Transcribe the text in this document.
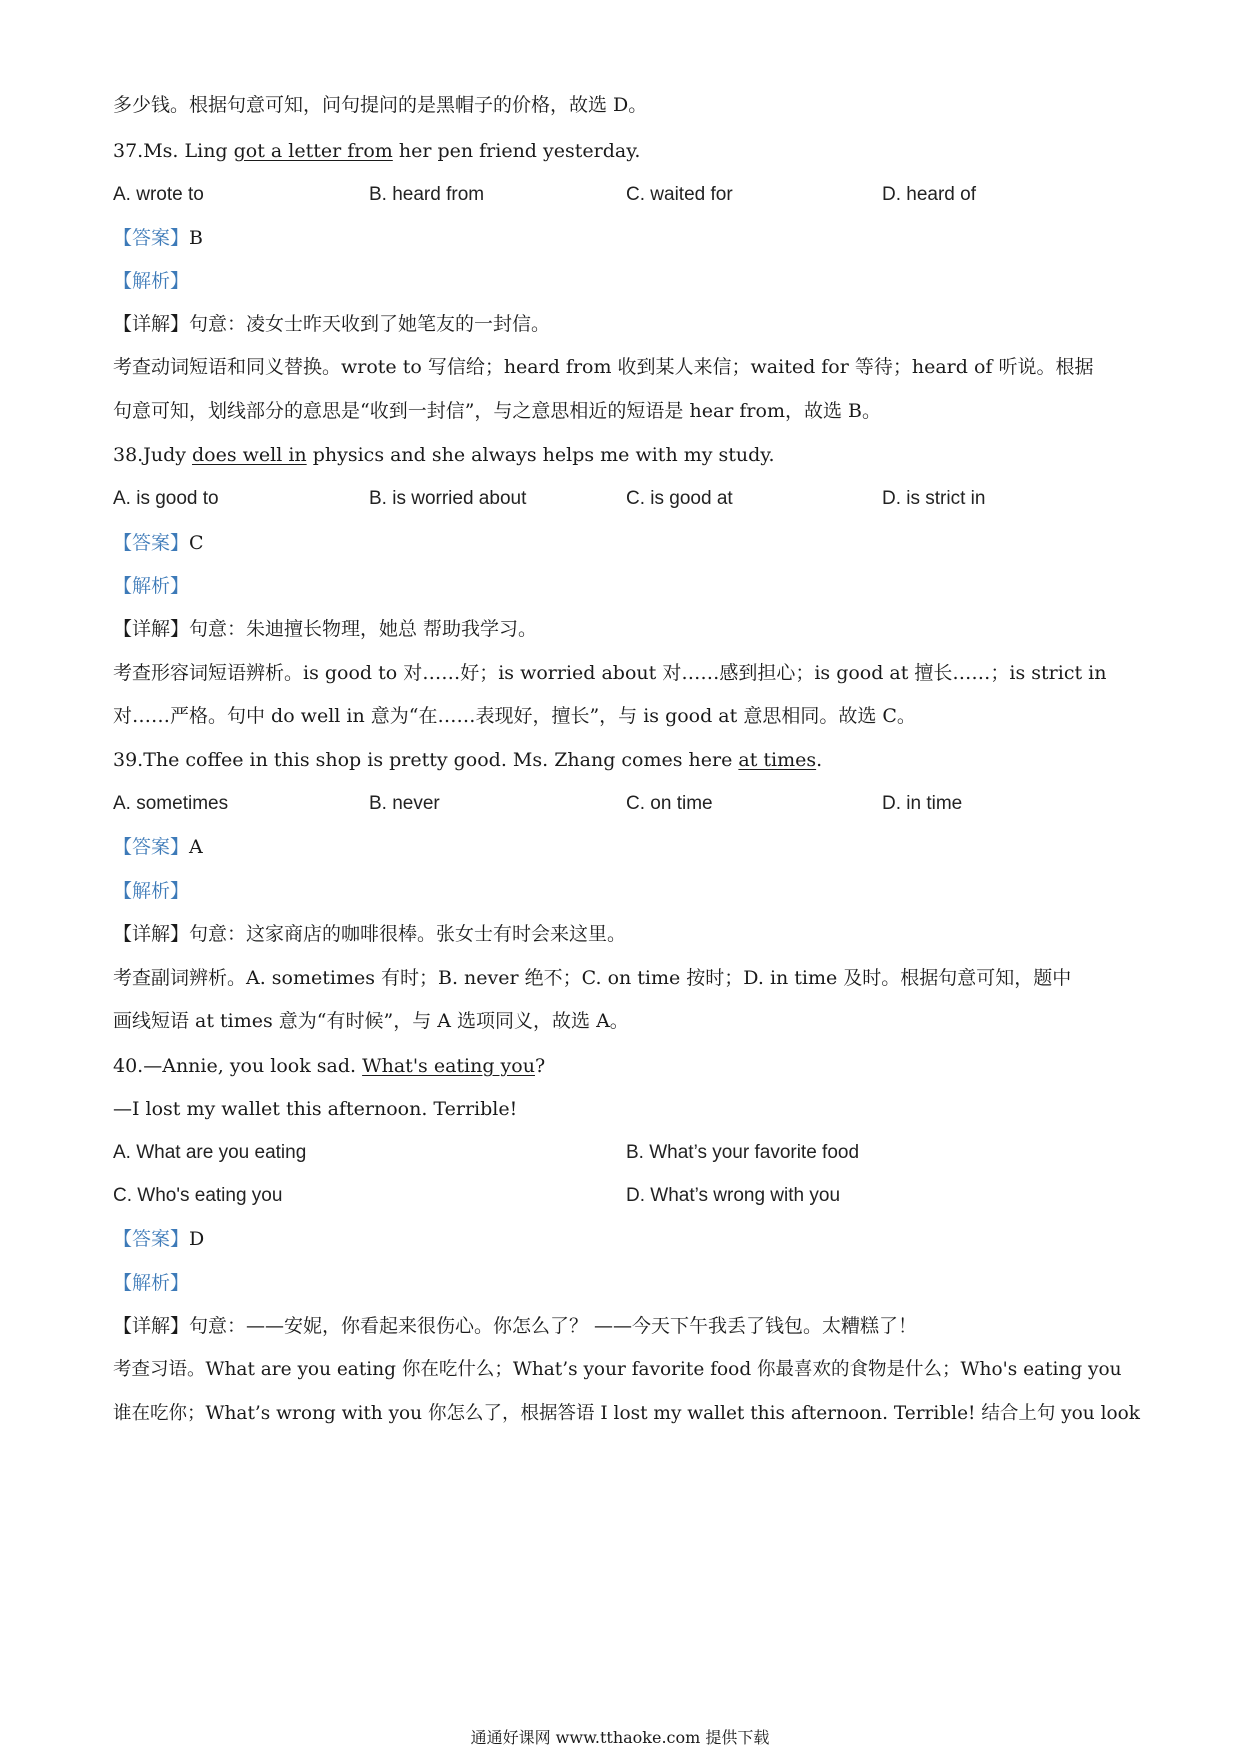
多少钱。根据句意可知，问句提问的是黑帽子的价格，故选 D。
37.Ms. Ling got a letter from her pen friend yesterday.
A. wrote to	B. heard from	C. waited for	D. heard of
【答案】B
【解析】
【详解】句意：凌女士昨天收到了她笔友的一封信。
考查动词短语和同义替换。wrote to 写信给；heard from 收到某人来信；waited for 等待；heard of 听说。根据
句意可知，划线部分的意思是“收到一封信”，与之意思相近的短语是 hear from，故选 B。
38.Judy does well in physics and she always helps me with my study.
A. is good to	B. is worried about	C. is good at	D. is strict in
【答案】C
【解析】
【详解】句意：朱迪擅长物理，她总 帮助我学习。
考查形容词短语辨析。is good to 对……好；is worried about 对……感到担心；is good at 擅长……；is strict in
对……严格。句中 do well in 意为“在……表现好，擅长”，与 is good at 意思相同。故选 C。
39.The coffee in this shop is pretty good. Ms. Zhang comes here at times.
A. sometimes	B. never	C. on time	D. in time
【答案】A
【解析】
【详解】句意：这家商店的咖啡很棒。张女士有时会来这里。
考查副词辨析。A. sometimes 有时；B. never 绝不；C. on time 按时；D. in time 及时。根据句意可知，题中
画线短语 at times 意为“有时候”，与 A 选项同义，故选 A。
40.—Annie, you look sad. What's eating you?
—I lost my wallet this afternoon. Terrible!
A. What are you eating	B. What’s your favorite food
C. Who's eating you	D. What’s wrong with you
【答案】D
【解析】
【详解】句意：——安妮，你看起来很伤心。你怎么了？ ——今天下午我丢了钱包。太糟糕了！
考查习语。What are you eating 你在吃什么；What’s your favorite food 你最喜欢的食物是什么；Who's eating you
谁在吃你；What’s wrong with you 你怎么了，根据答语 I lost my wallet this afternoon. Terrible! 结合上句 you look
通通好课网 www.tthaoke.com 提供下载
